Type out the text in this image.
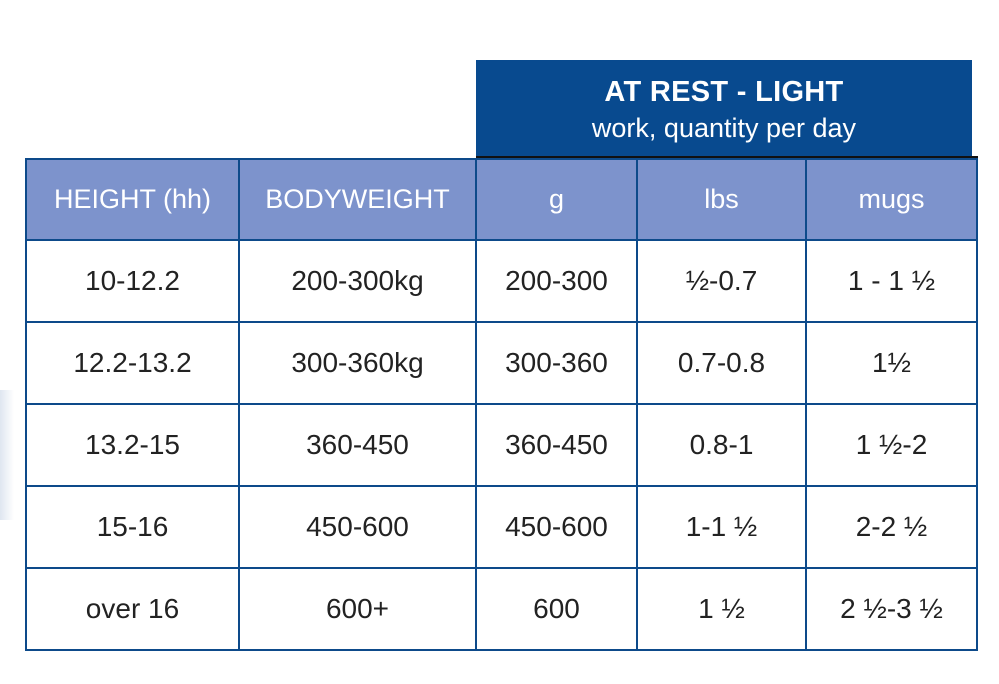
AT REST - LIGHT
work, quantity per day
HEIGHT (hh)	BODYWEIGHT	g	lbs	mugs
10-12.2	200-300kg	200-300	½-0.7	1 - 1 ½
12.2-13.2	300-360kg	300-360	0.7-0.8	1½
13.2-15	360-450	360-450	0.8-1	1 ½-2
15-16	450-600	450-600	1-1 ½	2-2 ½
over 16	600+	600	1 ½	2 ½-3 ½
